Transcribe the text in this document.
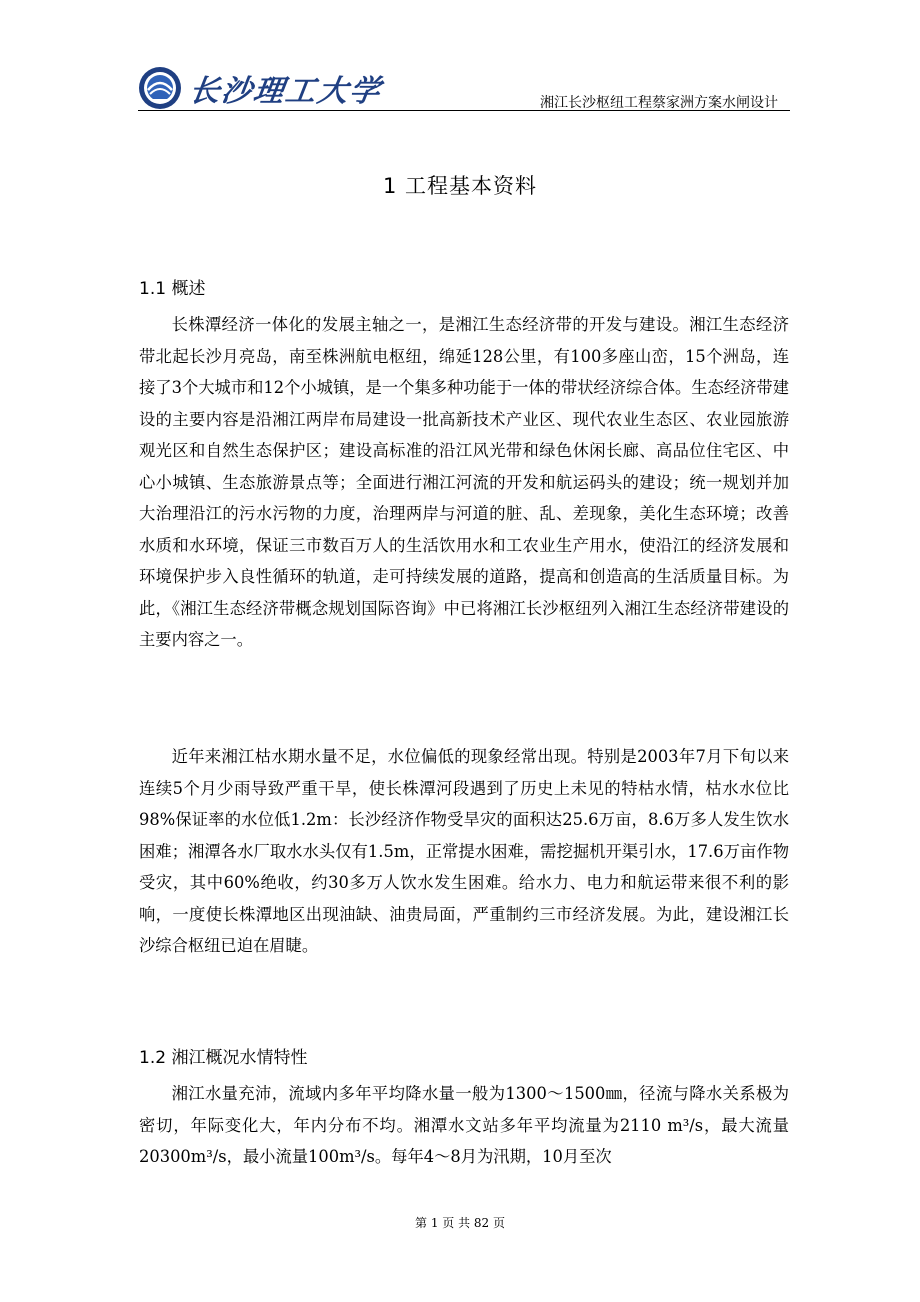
长沙理工大学	湘江长沙枢纽工程蔡家洲方案水闸设计
1 工程基本资料
1.1 概述

长株潭经济一体化的发展主轴之一，是湘江生态经济带的开发与建设。湘江生态经济带北起长沙月亮岛，南至株洲航电枢纽，绵延128公里，有100多座山峦，15个洲岛，连接了3个大城市和12个小城镇，是一个集多种功能于一体的带状经济综合体。生态经济带建设的主要内容是沿湘江两岸布局建设一批高新技术产业区、现代农业生态区、农业园旅游观光区和自然生态保护区；建设高标准的沿江风光带和绿色休闲长廊、高品位住宅区、中心小城镇、生态旅游景点等；全面进行湘江河流的开发和航运码头的建设；统一规划并加大治理沿江的污水污物的力度，治理两岸与河道的脏、乱、差现象，美化生态环境；改善水质和水环境，保证三市数百万人的生活饮用水和工农业生产用水，使沿江的经济发展和环境保护步入良性循环的轨道，走可持续发展的道路，提高和创造高的生活质量目标。为此，《湘江生态经济带概念规划国际咨询》中已将湘江长沙枢纽列入湘江生态经济带建设的主要内容之一。

近年来湘江枯水期水量不足，水位偏低的现象经常出现。特别是2003年7月下旬以来连续5个月少雨导致严重干旱，使长株潭河段遇到了历史上未见的特枯水情，枯水水位比98%保证率的水位低1.2m：长沙经济作物受旱灾的面积达25.6万亩，8.6万多人发生饮水困难；湘潭各水厂取水水头仅有1.5m，正常提水困难，需挖掘机开渠引水，17.6万亩作物受灾，其中60%绝收，约30多万人饮水发生困难。给水力、电力和航运带来很不利的影响，一度使长株潭地区出现油缺、油贵局面，严重制约三市经济发展。为此，建设湘江长沙综合枢纽已迫在眉睫。

1.2 湘江概况水情特性

湘江水量充沛，流域内多年平均降水量一般为1300～1500㎜，径流与降水关系极为密切，年际变化大，年内分布不均。湘潭水文站多年平均流量为2110 m³/s，最大流量20300m³/s，最小流量100m³/s。每年4～8月为汛期，10月至次

第 1 页 共 82 页
